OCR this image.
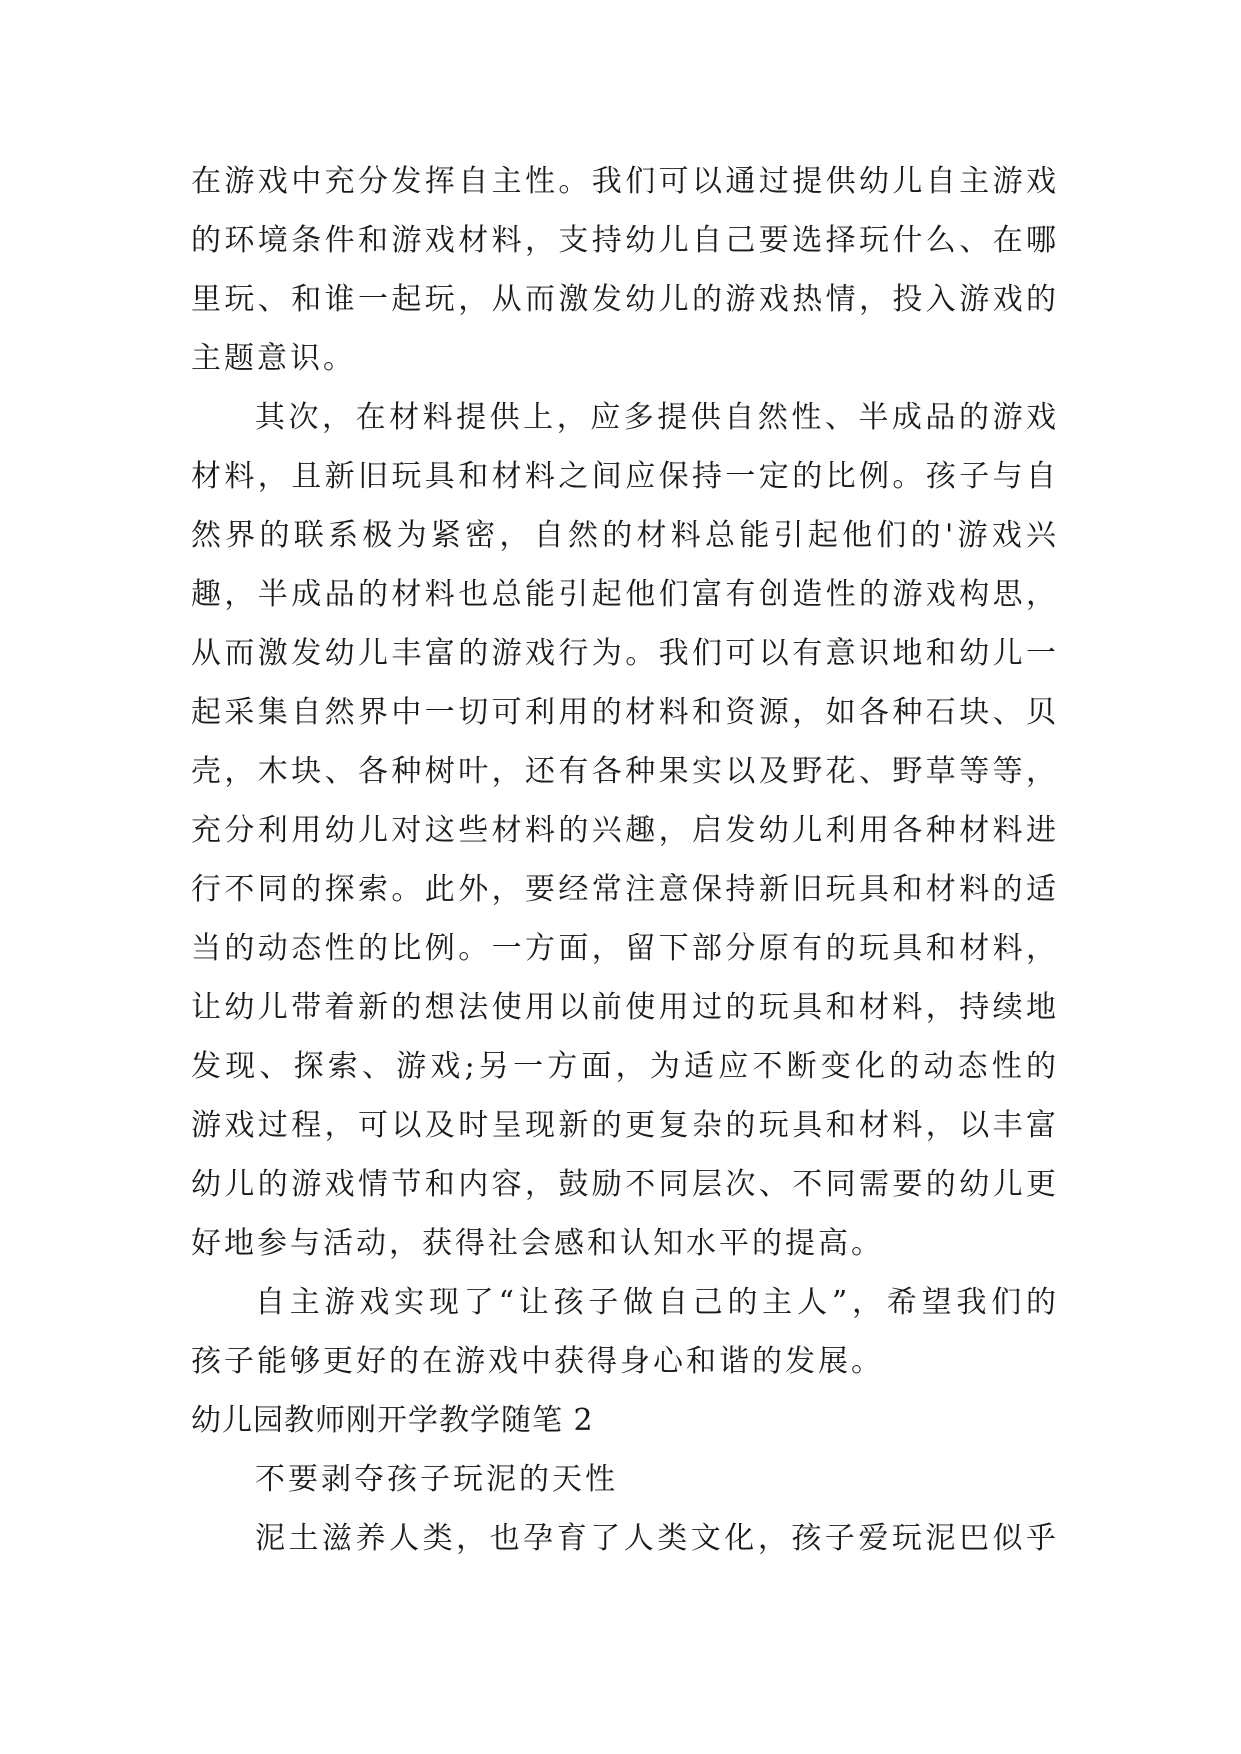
在游戏中充分发挥自主性。我们可以通过提供幼儿自主游戏
的环境条件和游戏材料，支持幼儿自己要选择玩什么、在哪
里玩、和谁一起玩，从而激发幼儿的游戏热情，投入游戏的
主题意识。
其次，在材料提供上，应多提供自然性、半成品的游戏
材料，且新旧玩具和材料之间应保持一定的比例。孩子与自
然界的联系极为紧密，自然的材料总能引起他们的'游戏兴
趣，半成品的材料也总能引起他们富有创造性的游戏构思，
从而激发幼儿丰富的游戏行为。我们可以有意识地和幼儿一
起采集自然界中一切可利用的材料和资源，如各种石块、贝
壳，木块、各种树叶，还有各种果实以及野花、野草等等，
充分利用幼儿对这些材料的兴趣，启发幼儿利用各种材料进
行不同的探索。此外，要经常注意保持新旧玩具和材料的适
当的动态性的比例。一方面，留下部分原有的玩具和材料，
让幼儿带着新的想法使用以前使用过的玩具和材料，持续地
发现、探索、游戏;另一方面，为适应不断变化的动态性的
游戏过程，可以及时呈现新的更复杂的玩具和材料，以丰富
幼儿的游戏情节和内容，鼓励不同层次、不同需要的幼儿更
好地参与活动，获得社会感和认知水平的提高。
自主游戏实现了“让孩子做自己的主人”，希望我们的
孩子能够更好的在游戏中获得身心和谐的发展。
幼儿园教师刚开学教学随笔 2
不要剥夺孩子玩泥的天性
泥土滋养人类，也孕育了人类文化，孩子爱玩泥巴似乎
